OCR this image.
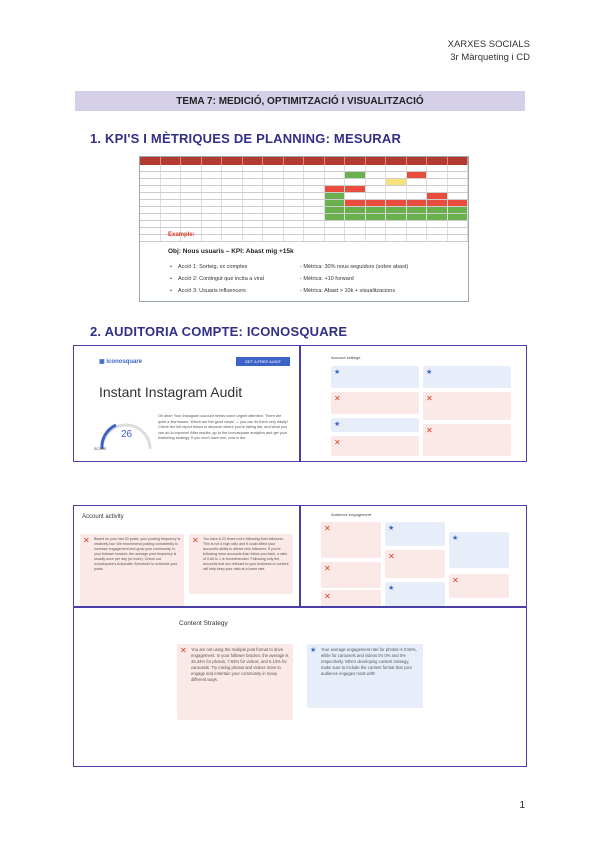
XARXES SOCIALS
3r Màrqueting i CD
TEMA 7: MEDICIÓ, OPTIMITZACIÓ I VISUALITZACIÓ
1. KPI'S I MÈTRIQUES DE PLANNING: MESURAR
Example:
Obj: Nous usuaris – KPI: Abast mig +15k
•    Acció 1: Sorteig, xx comptes	- Mètrica: 30% nous seguidors (sobre abast)
•    Acció 2: Contingut que incita a viral	- Mètrica: +10 forward
•    Acció 3: Usuaris influencers	- Mètrica: Abast > 10k + visualitzacions
2. AUDITORIA COMPTE: ICONOSQUARE
▣ iconosquare	GET A FREE AUDIT
Instant Instagram Audit
26
SCORE
Oh dear! Your Instagram account needs some urgent attention. There are quite a few issues. Which are the good news! — you can fix them very easily! Check the full report below to discover where you're falling flat, and what you can do to improve! After results, go to the Iconosquare analytics and get your marketing strategy. If you don't have one, now is the
Account settings
★	★
✕	✕
★
✕
✕
Account activity
✕ Based on your last 30 posts, your posting frequency is relatively low. We recommend posting consistently to increase engagement and grow your community. In your follower bracket, the average post frequency is usually once per day (or more). Check out Iconosquare's Automatic Scheduler to schedule your posts.
✕ You have 6.23 times more following than followers. This is not a high ratio and it could affect your account's ability to attract new followers. If you're following more accounts than follow you back, a ratio of 0.84 to 1 is recommended. Following only the accounts that are relevant to your business or content will help keep your ratio at a lower rate.
Audience engagement
✕	★
★
✕
✕
✕
★
✕
Content Strategy
✕ You are not using the multiple post format to drive engagement. In your follower bracket, the average is 34.34% for photos, 7.63% for videos, and 6.13% for carousels. Try mixing photos and videos more to engage and entertain your community in many different ways.
★ Your average engagement rate for photos is 0.55%, while for carousels and videos it's 0% and 0% respectively. When developing content strategy, make sure to include the content format that your audience engages most with!
1
